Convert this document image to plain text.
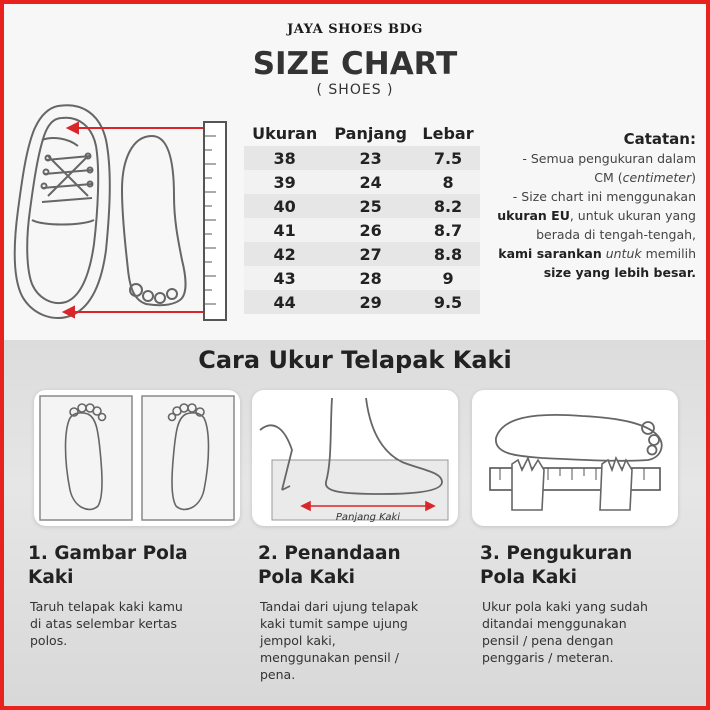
JAYA SHOES BDG
SIZE CHART
( SHOES )
Ukuran	Panjang	Lebar
38	23	7.5
39	24	8
40	25	8.2
41	26	8.7
42	27	8.8
43	28	9
44	29	9.5
Catatan:
- Semua pengukuran dalam
CM (centimeter)
- Size chart ini menggunakan
ukuran EU, untuk ukuran yang
berada di tengah-tengah,
kami sarankan untuk memilih
size yang lebih besar.
Cara Ukur Telapak Kaki
Panjang Kaki
1. Gambar Pola
Kaki
Taruh telapak kaki kamu
di atas selembar kertas
polos.
2. Penandaan
Pola Kaki
Tandai dari ujung telapak
kaki tumit sampe ujung
jempol kaki,
menggunakan pensil /
pena.
3. Pengukuran
Pola Kaki
Ukur pola kaki yang sudah
ditandai menggunakan
pensil / pena dengan
penggaris / meteran.
